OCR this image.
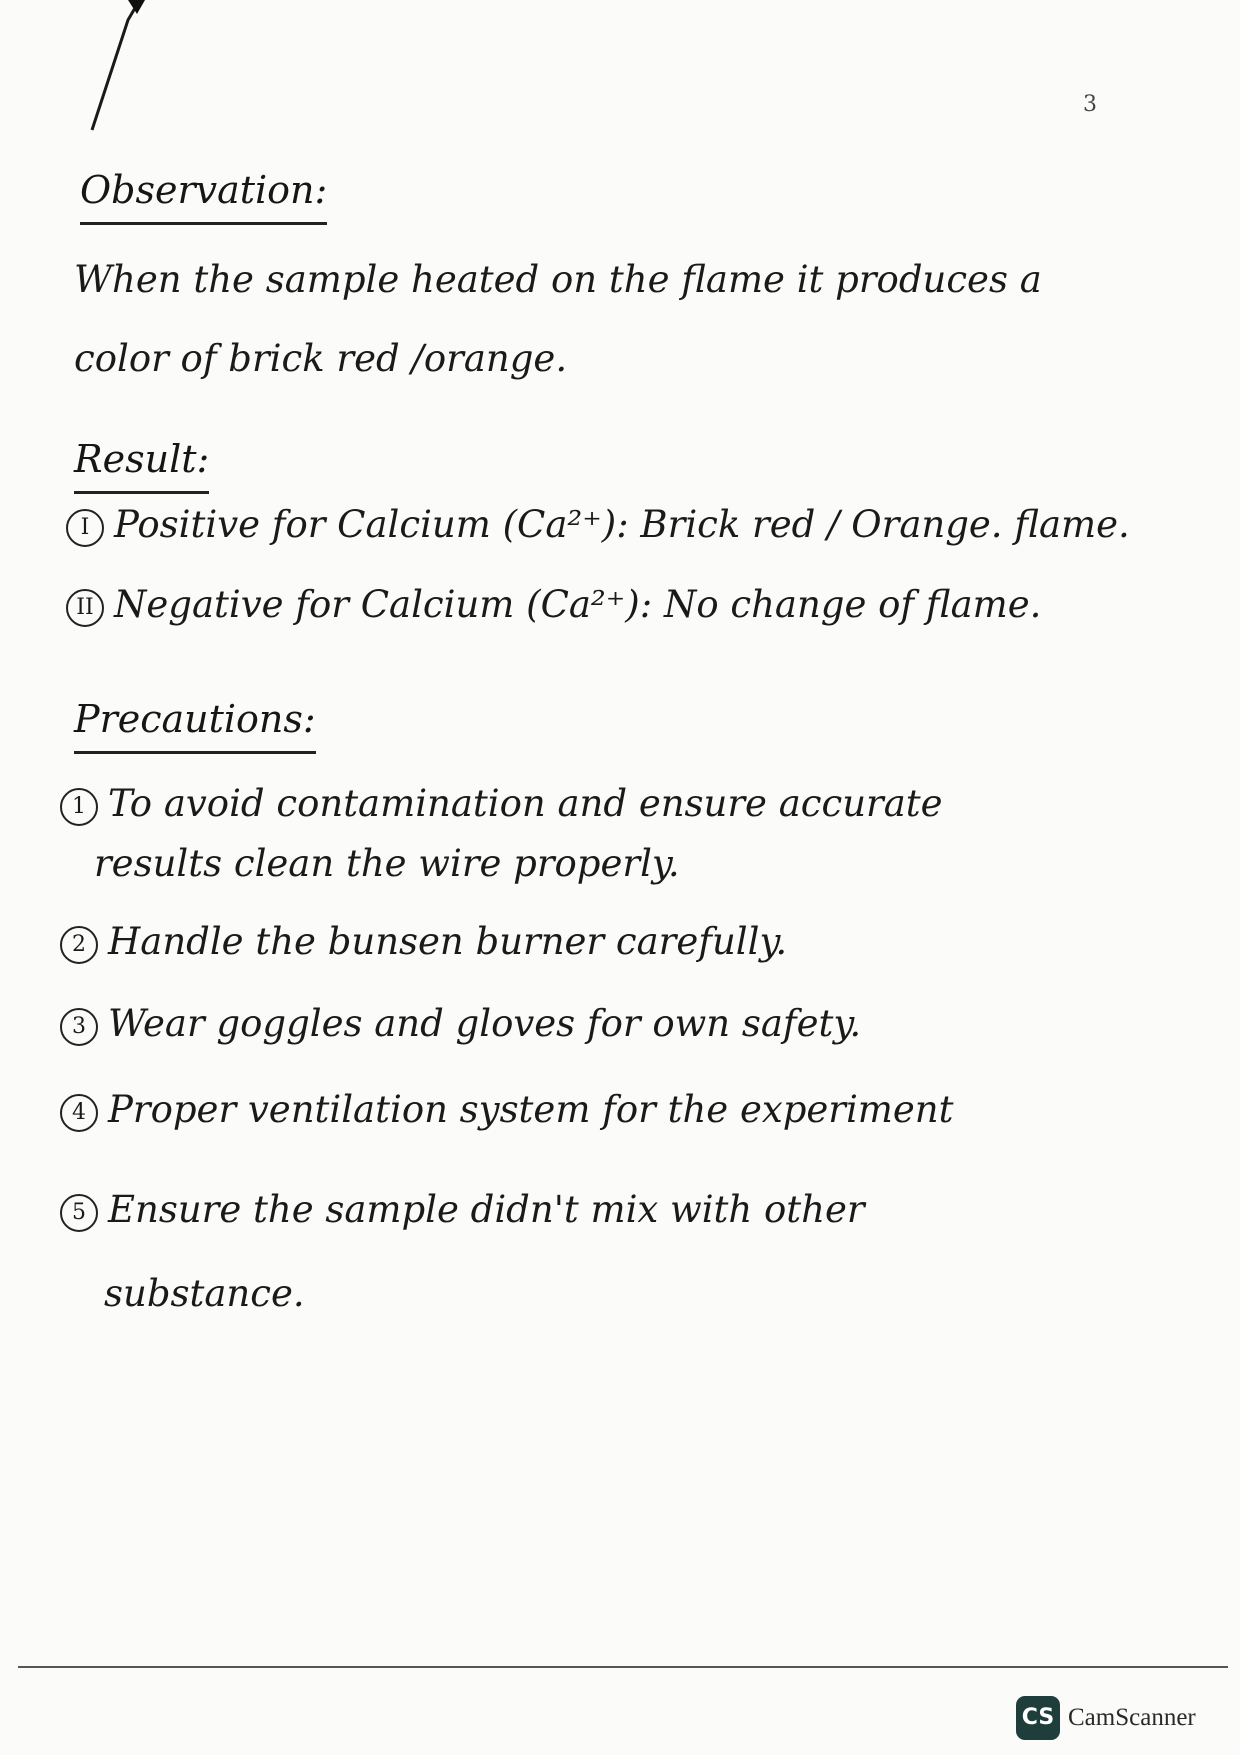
3
Observation:
When the sample heated on the flame it produces a
color of brick red /orange.
Result:
I Positive for Calcium (Ca²⁺): Brick red / Orange. flame.
II Negative for Calcium (Ca²⁺): No change of flame.
Precautions:
1 To avoid contamination and ensure accurate
results clean the wire properly.
2 Handle the bunsen burner carefully.
3 Wear goggles and gloves for own safety.
4 Proper ventilation system for the experiment
5 Ensure the sample didn't mix with other
substance.
CS CamScanner
